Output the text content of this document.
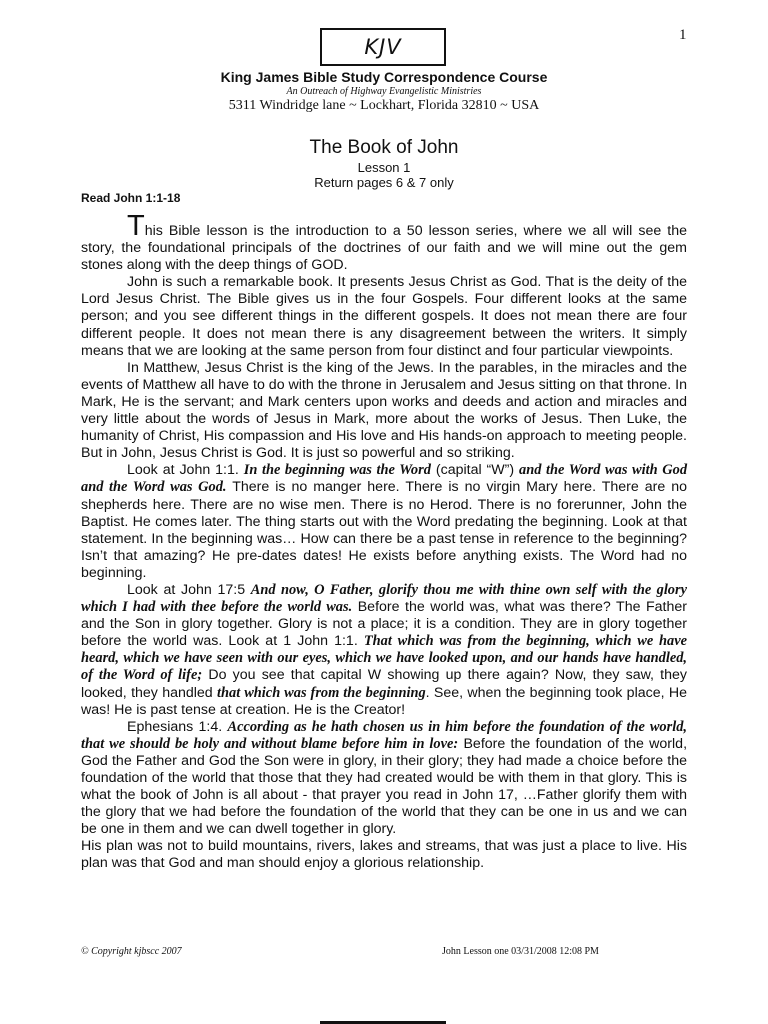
1
KJV
King James Bible Study Correspondence Course
An Outreach of Highway Evangelistic Ministries
5311 Windridge lane ~ Lockhart, Florida 32810 ~ USA
The Book of John
Lesson 1
Return pages 6 & 7 only
Read John 1:1-18

This Bible lesson is the introduction to a 50 lesson series, where we all will see the story, the foundational principals of the doctrines of our faith and we will mine out the gem stones along with the deep things of GOD.

John is such a remarkable book. It presents Jesus Christ as God. That is the deity of the Lord Jesus Christ. The Bible gives us in the four Gospels. Four different looks at the same person; and you see different things in the different gospels. It does not mean there are four different people. It does not mean there is any disagreement between the writers. It simply means that we are looking at the same person from four distinct and four particular viewpoints.

In Matthew, Jesus Christ is the king of the Jews. In the parables, in the miracles and the events of Matthew all have to do with the throne in Jerusalem and Jesus sitting on that throne. In Mark, He is the servant; and Mark centers upon works and deeds and action and miracles and very little about the words of Jesus in Mark, more about the works of Jesus. Then Luke, the humanity of Christ, His compassion and His love and His hands-on approach to meeting people. But in John, Jesus Christ is God. It is just so powerful and so striking.

Look at John 1:1. In the beginning was the Word (capital “W”) and the Word was with God and the Word was God. There is no manger here. There is no virgin Mary here. There are no shepherds here. There are no wise men. There is no Herod. There is no forerunner, John the Baptist. He comes later. The thing starts out with the Word predating the beginning. Look at that statement. In the beginning was… How can there be a past tense in reference to the beginning? Isn’t that amazing? He pre-dates dates! He exists before anything exists. The Word had no beginning.

Look at John 17:5 And now, O Father, glorify thou me with thine own self with the glory which I had with thee before the world was. Before the world was, what was there? The Father and the Son in glory together. Glory is not a place; it is a condition. They are in glory together before the world was. Look at 1 John 1:1. That which was from the beginning, which we have heard, which we have seen with our eyes, which we have looked upon, and our hands have handled, of the Word of life; Do you see that capital W showing up there again? Now, they saw, they looked, they handled that which was from the beginning. See, when the beginning took place, He was! He is past tense at creation. He is the Creator!

Ephesians 1:4. According as he hath chosen us in him before the foundation of the world, that we should be holy and without blame before him in love: Before the foundation of the world, God the Father and God the Son were in glory, in their glory; they had made a choice before the foundation of the world that those that they had created would be with them in that glory. This is what the book of John is all about - that prayer you read in John 17, …Father glorify them with the glory that we had before the foundation of the world that they can be one in us and we can be one in them and we can dwell together in glory.

His plan was not to build mountains, rivers, lakes and streams, that was just a place to live. His plan was that God and man should enjoy a glorious relationship.

© Copyright kjbscc 2007	John Lesson one 03/31/2008 12:08 PM
